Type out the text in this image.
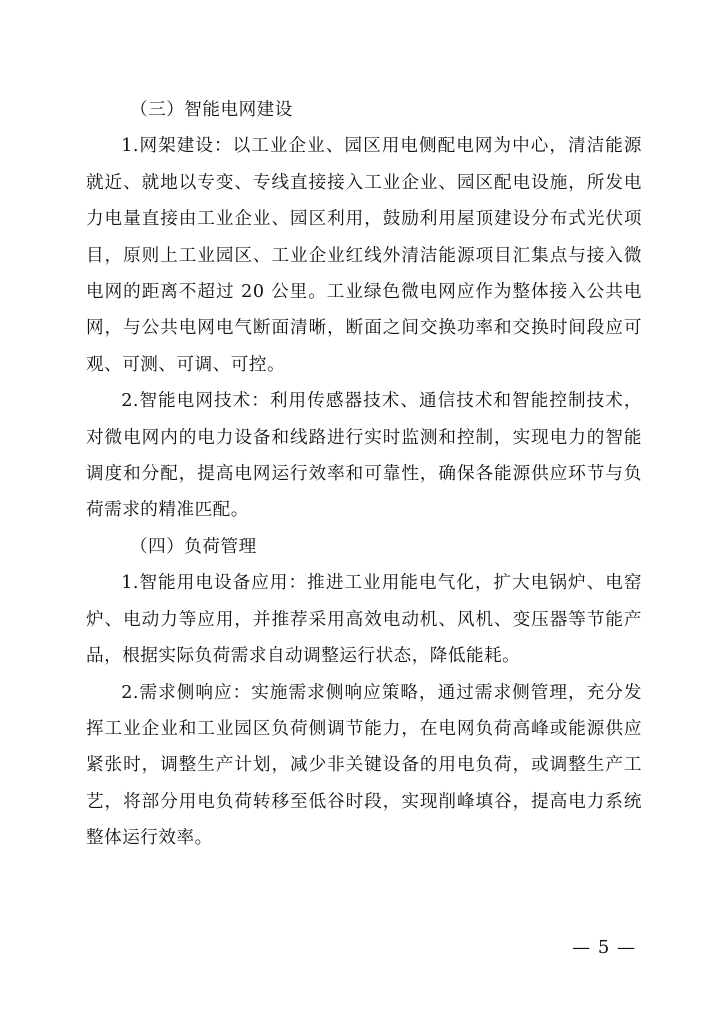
（三）智能电网建设

1.网架建设：以工业企业、园区用电侧配电网为中心，清洁能源就近、就地以专变、专线直接接入工业企业、园区配电设施，所发电力电量直接由工业企业、园区利用，鼓励利用屋顶建设分布式光伏项目，原则上工业园区、工业企业红线外清洁能源项目汇集点与接入微电网的距离不超过 20 公里。工业绿色微电网应作为整体接入公共电网，与公共电网电气断面清晰，断面之间交换功率和交换时间段应可观、可测、可调、可控。

2.智能电网技术：利用传感器技术、通信技术和智能控制技术，对微电网内的电力设备和线路进行实时监测和控制，实现电力的智能调度和分配，提高电网运行效率和可靠性，确保各能源供应环节与负荷需求的精准匹配。

（四）负荷管理

1.智能用电设备应用：推进工业用能电气化，扩大电锅炉、电窑炉、电动力等应用，并推荐采用高效电动机、风机、变压器等节能产品，根据实际负荷需求自动调整运行状态，降低能耗。

2.需求侧响应：实施需求侧响应策略，通过需求侧管理，充分发挥工业企业和工业园区负荷侧调节能力，在电网负荷高峰或能源供应紧张时，调整生产计划，减少非关键设备的用电负荷，或调整生产工艺，将部分用电负荷转移至低谷时段，实现削峰填谷，提高电力系统整体运行效率。

— 5 —
